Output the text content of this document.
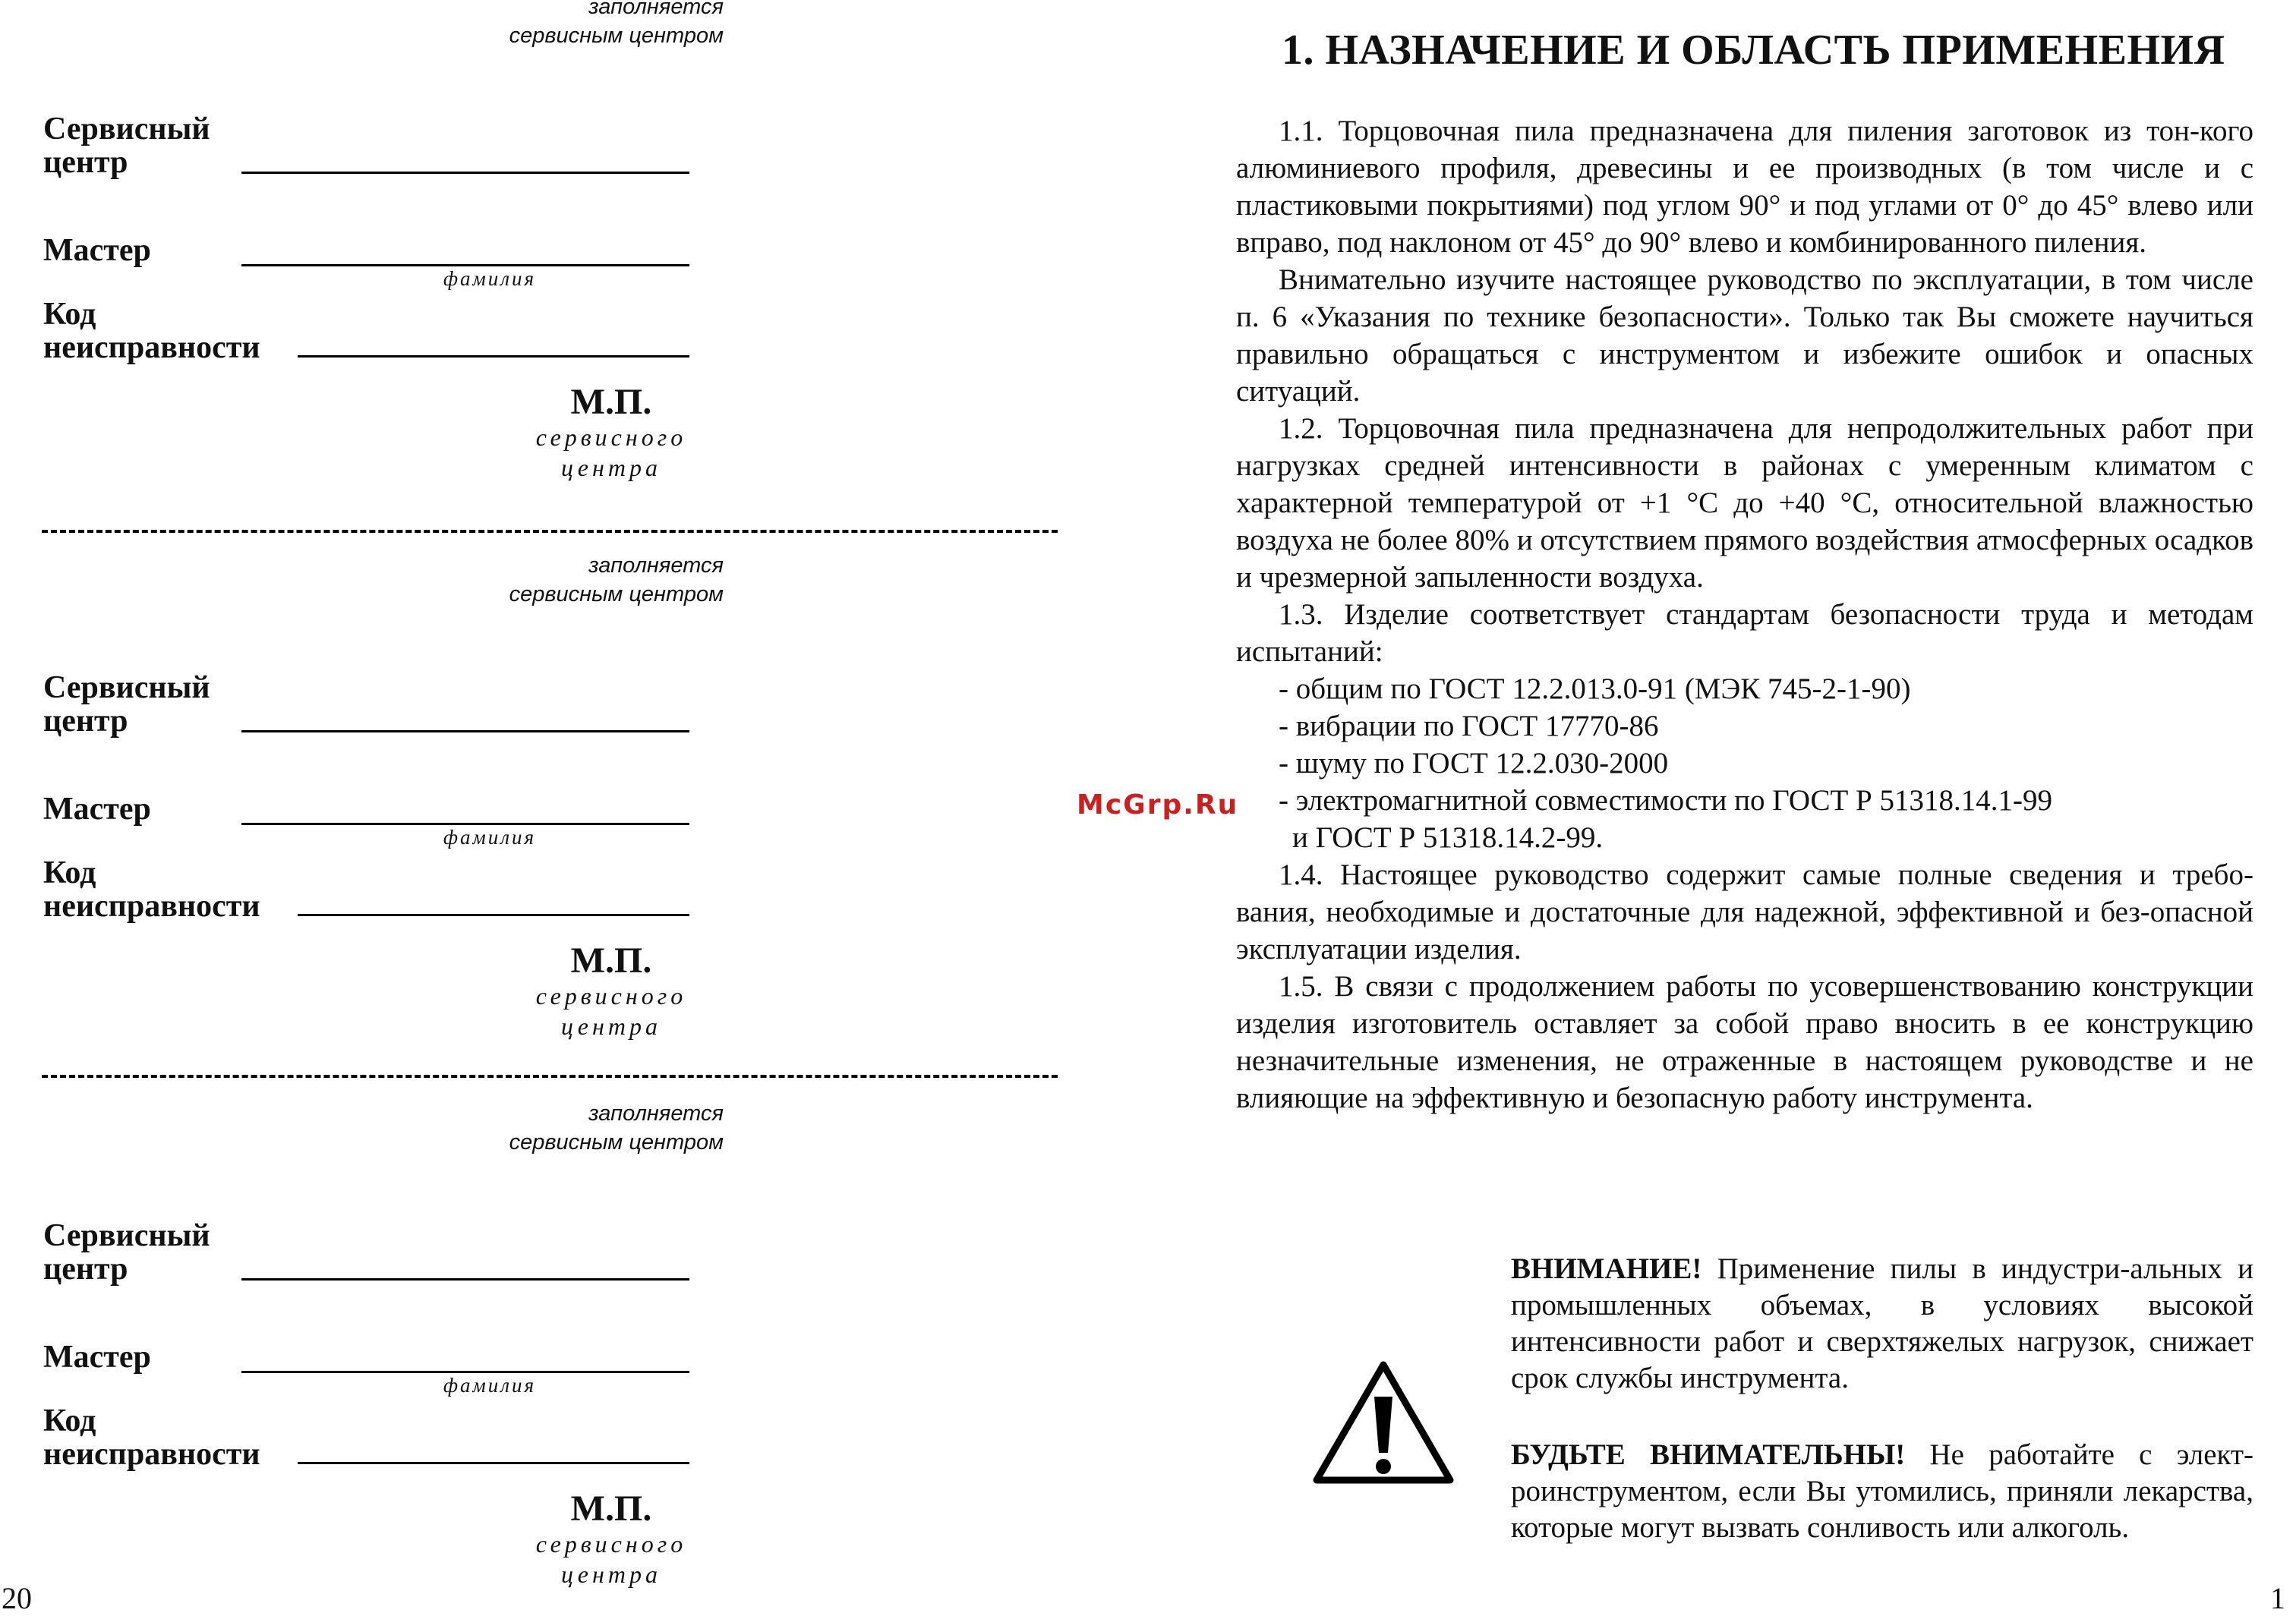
заполняется
сервисным центром
Сервисный
центр
Мастер
фамилия
Код
неисправности
М.П.
сервисного
центра
заполняется
сервисным центром
Сервисный
центр
Мастер
фамилия
Код
неисправности
М.П.
сервисного
центра
заполняется
сервисным центром
Сервисный
центр
Мастер
фамилия
Код
неисправности
М.П.
сервисного
центра
20
McGrp.Ru
1. НАЗНАЧЕНИЕ И ОБЛАСТЬ ПРИМЕНЕНИЯ

1.1. Торцовочная пила предназначена для пиления заготовок из тон-кого алюминиевого профиля, древесины и ее производных (в том числе и с пластиковыми покрытиями) под углом 90° и под углами от 0° до 45° влево или вправо, под наклоном от 45° до 90° влево и комбинированного пиления.

Внимательно изучите настоящее руководство по эксплуатации, в том числе п. 6 «Указания по технике безопасности». Только так Вы сможете научиться правильно обращаться с инструментом и избежите ошибок и опасных ситуаций.

1.2. Торцовочная пила предназначена для непродолжительных работ при нагрузках средней интенсивности в районах с умеренным климатом с характерной температурой от +1 °С до +40 °С, относительной влажностью воздуха не более 80% и отсутствием прямого воздействия атмосферных осадков и чрезмерной запыленности воздуха.

1.3. Изделие соответствует стандартам безопасности труда и методам испытаний:

- общим по ГОСТ 12.2.013.0-91 (МЭК 745-2-1-90)

- вибрации по ГОСТ 17770-86

- шуму по ГОСТ 12.2.030-2000

- электромагнитной совместимости по ГОСТ Р 51318.14.1-99

и ГОСТ Р 51318.14.2-99.

1.4. Настоящее руководство содержит самые полные сведения и требо-вания, необходимые и достаточные для надежной, эффективной и без-опасной эксплуатации изделия.

1.5. В связи с продолжением работы по усовершенствованию конструкции изделия изготовитель оставляет за собой право вносить в ее конструкцию незначительные изменения, не отраженные в настоящем руководстве и не влияющие на эффективную и безопасную работу инструмента.

ВНИМАНИЕ! Применение пилы в индустри-альных и промышленных объемах, в условиях высокой интенсивности работ и сверхтяжелых нагрузок, снижает срок службы инструмента.
БУДЬТЕ ВНИМАТЕЛЬНЫ! Не работайте с элект-роинструментом, если Вы утомились, приняли лекарства, которые могут вызвать сонливость или алкоголь.
1
